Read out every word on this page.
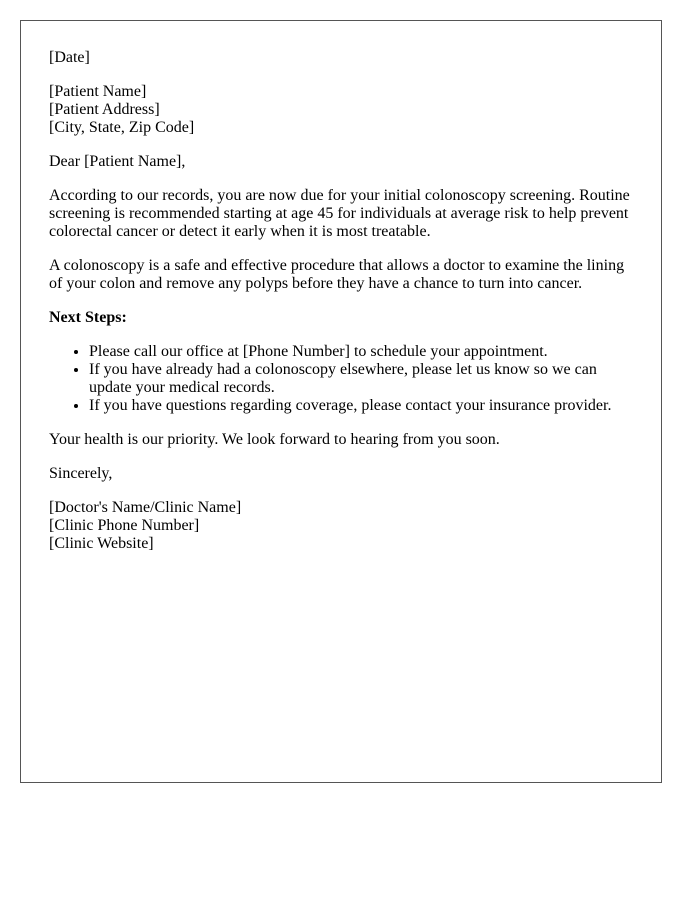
[Date]

[Patient Name]
[Patient Address]
[City, State, Zip Code]

Dear [Patient Name],

According to our records, you are now due for your initial colonoscopy screening. Routine screening is recommended starting at age 45 for individuals at average risk to help prevent colorectal cancer or detect it early when it is most treatable.

A colonoscopy is a safe and effective procedure that allows a doctor to examine the lining of your colon and remove any polyps before they have a chance to turn into cancer.

Next Steps:

• Please call our office at [Phone Number] to schedule your appointment.
• If you have already had a colonoscopy elsewhere, please let us know so we can update your medical records.
• If you have questions regarding coverage, please contact your insurance provider.

Your health is our priority. We look forward to hearing from you soon.

Sincerely,

[Doctor's Name/Clinic Name]
[Clinic Phone Number]
[Clinic Website]
